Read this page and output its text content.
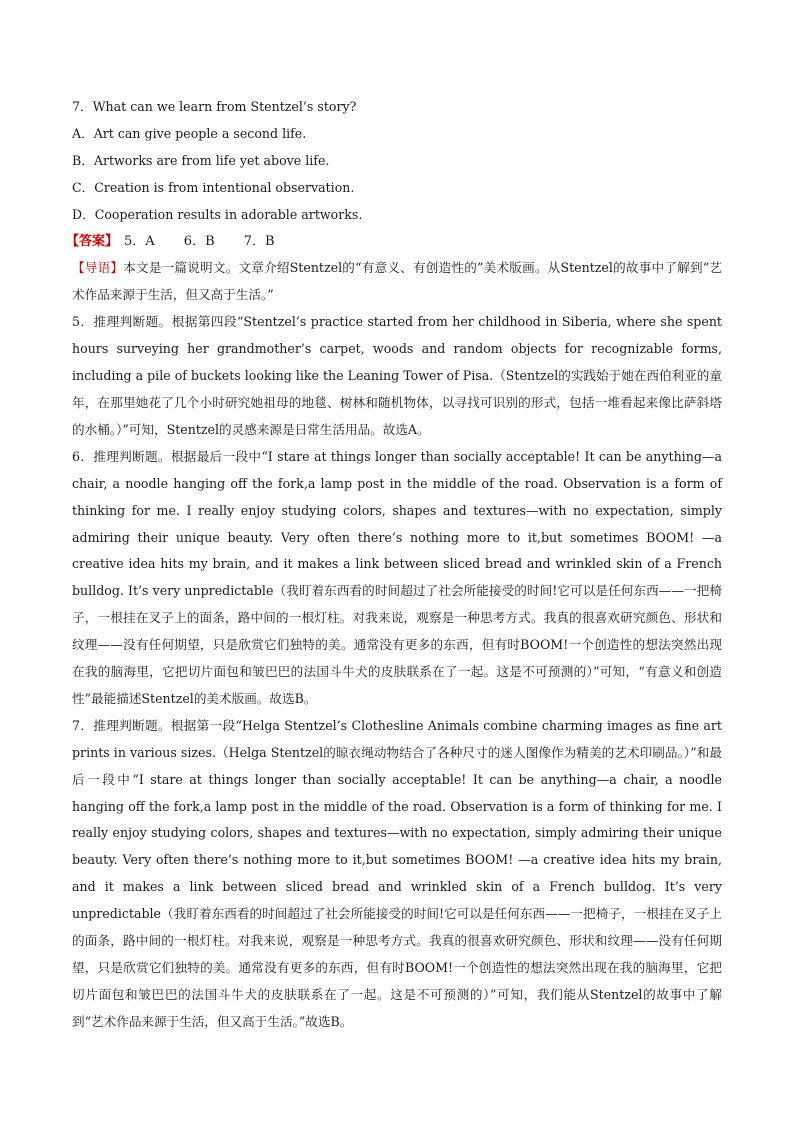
7．What can we learn from Stentzel’s story?
A．Art can give people a second life.
B．Artworks are from life yet above life.
C．Creation is from intentional observation.
D．Cooperation results in adorable artworks.
【答案】 5．A　 6．B　 7．B

【导语】本文是一篇说明文。文章介绍Stentzel的“有意义、有创造性的”美术版画。从Stentzel的故事中了解到“艺术作品来源于生活，但又高于生活。”

5．推理判断题。根据第四段“Stentzel’s practice started from her childhood in Siberia, where she spent hours surveying her grandmother’s carpet, woods and random objects for recognizable forms, including a pile of buckets looking like the Leaning Tower of Pisa.（Stentzel的实践始于她在西伯利亚的童年，在那里她花了几个小时研究她祖母的地毯、树林和随机物体，以寻找可识别的形式，包括一堆看起来像比萨斜塔的水桶。）”可知，Stentzel的灵感来源是日常生活用品。故选A。

6．推理判断题。根据最后一段中“I stare at things longer than socially acceptable! It can be anything—a chair, a noodle hanging off the fork,a lamp post in the middle of the road. Observation is a form of thinking for me. I really enjoy studying colors, shapes and textures—with no expectation, simply admiring their unique beauty. Very often there’s nothing more to it,but sometimes BOOM! —a creative idea hits my brain, and it makes a link between sliced bread and wrinkled skin of a French bulldog. It’s very unpredictable（我盯着东西看的时间超过了社会所能接受的时间!它可以是任何东西——一把椅子，一根挂在叉子上的面条，路中间的一根灯柱。对我来说，观察是一种思考方式。我真的很喜欢研究颜色、形状和纹理——没有任何期望，只是欣赏它们独特的美。通常没有更多的东西，但有时BOOM!一个创造性的想法突然出现在我的脑海里，它把切片面包和皱巴巴的法国斗牛犬的皮肤联系在了一起。这是不可预测的）”可知，“有意义和创造性”最能描述Stentzel的美术版画。故选B。

7．推理判断题。根据第一段“Helga Stentzel’s Clothesline Animals combine charming images as fine art prints in various sizes.（Helga Stentzel的晾衣绳动物结合了各种尺寸的迷人图像作为精美的艺术印刷品。）”和最后一段中“I stare at things longer than socially acceptable! It can be anything—a chair, a noodle hanging off the fork,a lamp post in the middle of the road. Observation is a form of thinking for me. I really enjoy studying colors, shapes and textures—with no expectation, simply admiring their unique beauty. Very often there’s nothing more to it,but sometimes BOOM! —a creative idea hits my brain, and it makes a link between sliced bread and wrinkled skin of a French bulldog. It’s very unpredictable（我盯着东西看的时间超过了社会所能接受的时间!它可以是任何东西——一把椅子，一根挂在叉子上的面条，路中间的一根灯柱。对我来说，观察是一种思考方式。我真的很喜欢研究颜色、形状和纹理——没有任何期望，只是欣赏它们独特的美。通常没有更多的东西，但有时BOOM!一个创造性的想法突然出现在我的脑海里，它把切片面包和皱巴巴的法国斗牛犬的皮肤联系在了一起。这是不可预测的）”可知，我们能从Stentzel的故事中了解到“艺术作品来源于生活，但又高于生活。”故选B。
